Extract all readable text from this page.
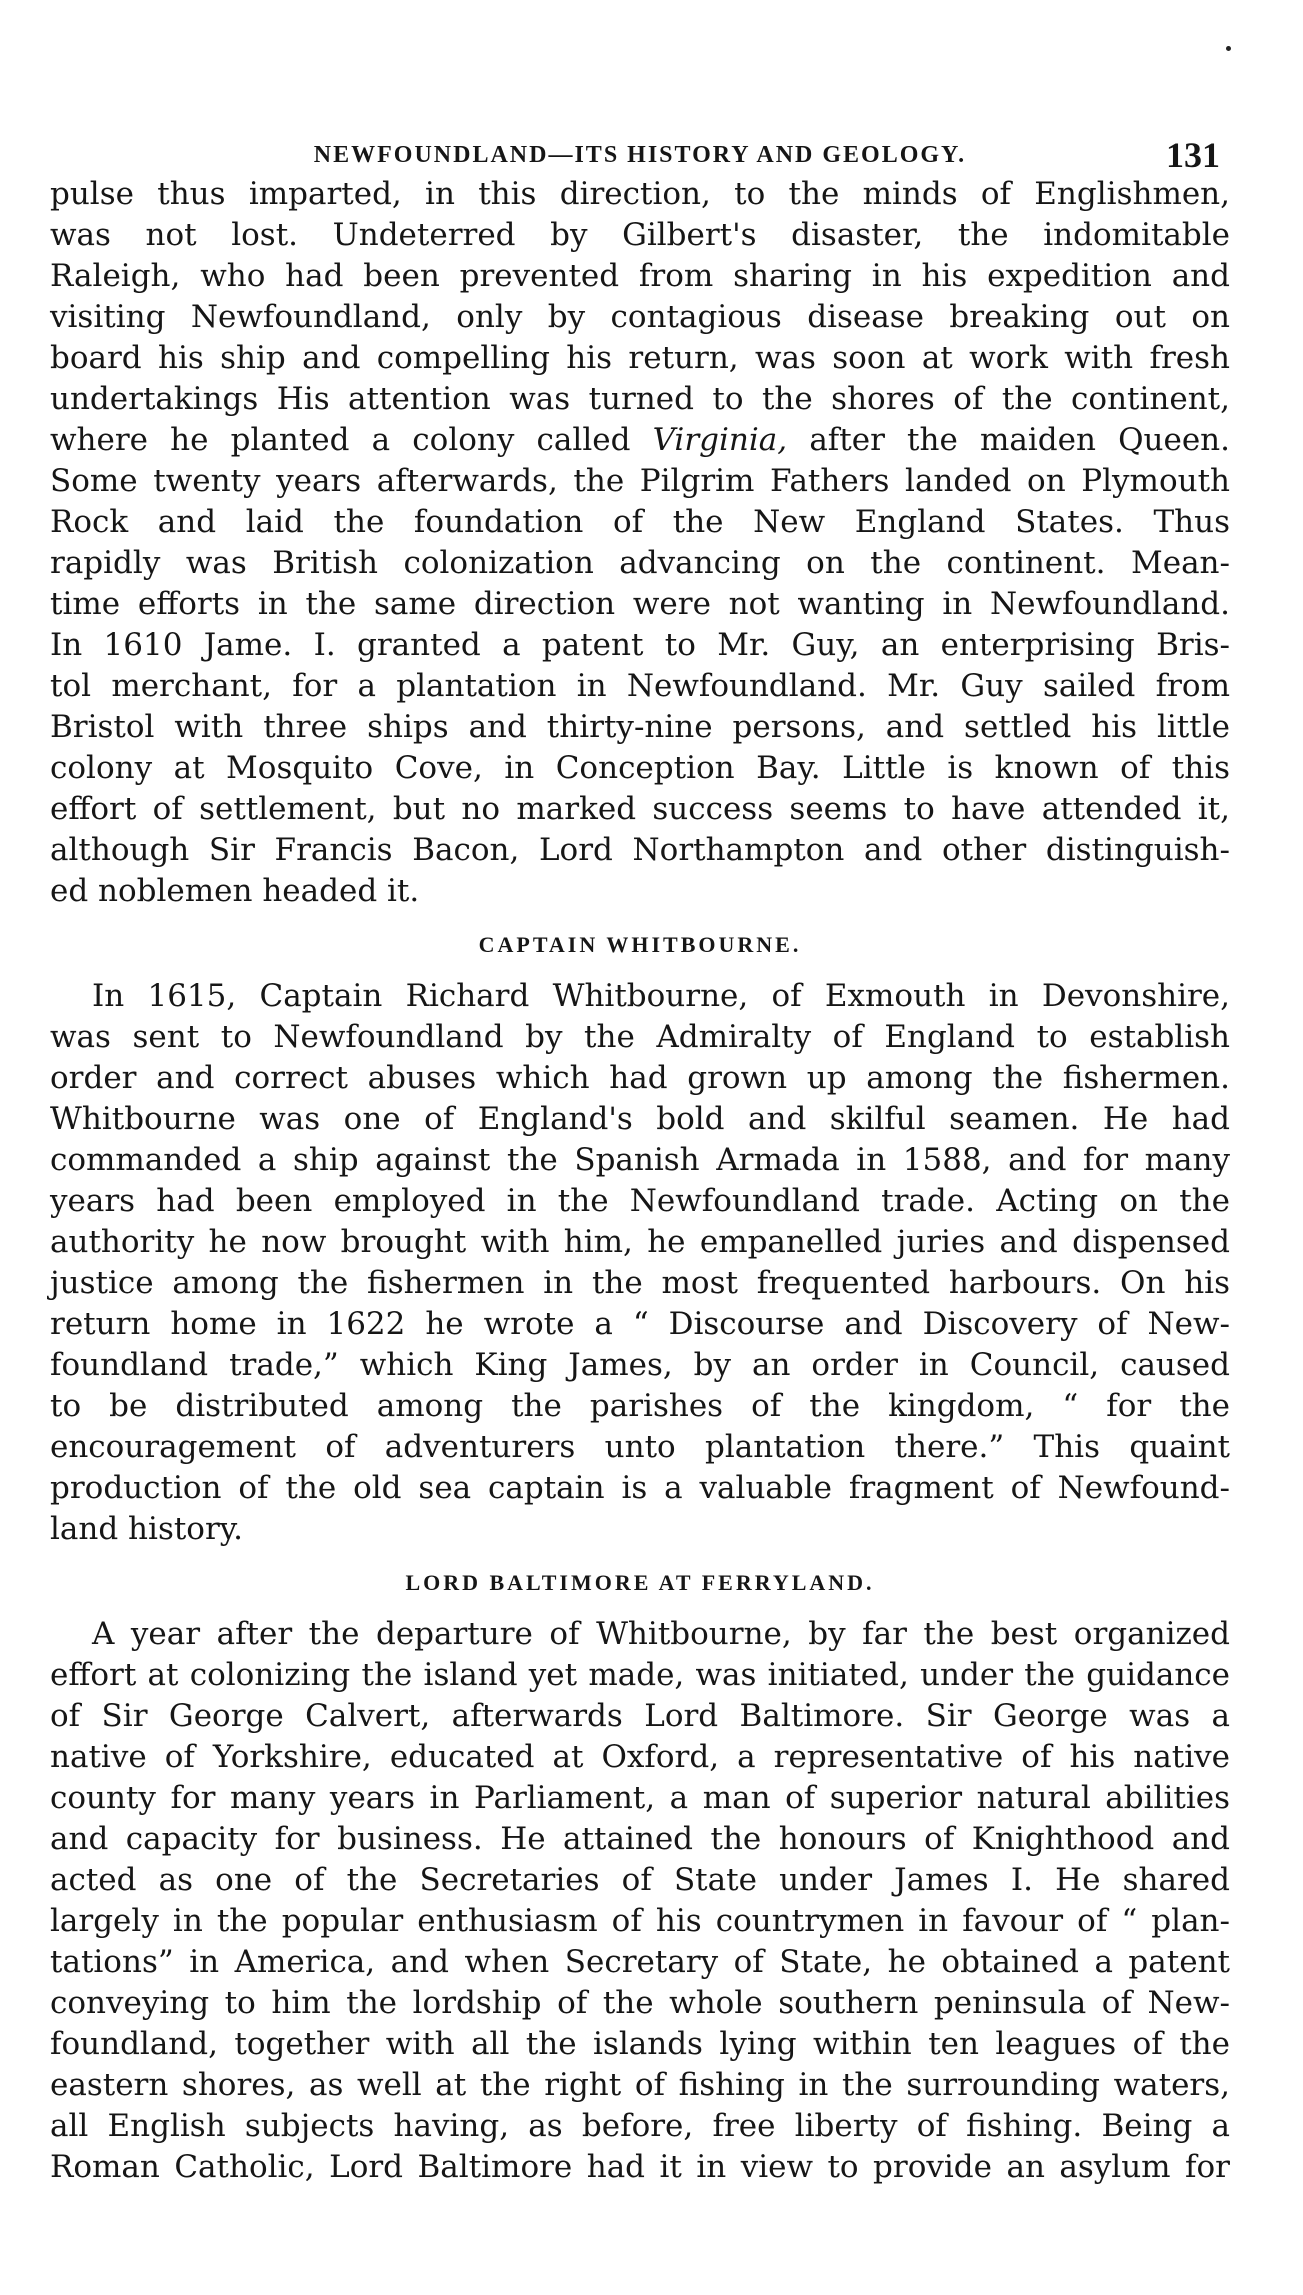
NEWFOUNDLAND—ITS HISTORY AND GEOLOGY.	131

pulse thus imparted, in this direction, to the minds of Englishmen,
was not lost. Undeterred by Gilbert's disaster, the indomitable
Raleigh, who had been prevented from sharing in his expedition and
visiting Newfoundland, only by contagious disease breaking out on
board his ship and compelling his return, was soon at work with fresh
undertakings His attention was turned to the shores of the continent,
where he planted a colony called Virginia, after the maiden Queen.
Some twenty years afterwards, the Pilgrim Fathers landed on Plymouth
Rock and laid the foundation of the New England States. Thus
rapidly was British colonization advancing on the continent. Mean-
time efforts in the same direction were not wanting in Newfoundland.
In 1610 Jame. I. granted a patent to Mr. Guy, an enterprising Bris-
tol merchant, for a plantation in Newfoundland. Mr. Guy sailed from
Bristol with three ships and thirty-nine persons, and settled his little
colony at Mosquito Cove, in Conception Bay. Little is known of this
effort of settlement, but no marked success seems to have attended it,
although Sir Francis Bacon, Lord Northampton and other distinguish-
ed noblemen headed it.

CAPTAIN WHITBOURNE.

In 1615, Captain Richard Whitbourne, of Exmouth in Devonshire,
was sent to Newfoundland by the Admiralty of England to establish
order and correct abuses which had grown up among the fishermen.
Whitbourne was one of England's bold and skilful seamen. He had
commanded a ship against the Spanish Armada in 1588, and for many
years had been employed in the Newfoundland trade. Acting on the
authority he now brought with him, he empanelled juries and dispensed
justice among the fishermen in the most frequented harbours. On his
return home in 1622 he wrote a “ Discourse and Discovery of New-
foundland trade,” which King James, by an order in Council, caused
to be distributed among the parishes of the kingdom, “ for the
encouragement of adventurers unto plantation there.” This quaint
production of the old sea captain is a valuable fragment of Newfound-
land history.

LORD BALTIMORE AT FERRYLAND.

A year after the departure of Whitbourne, by far the best organized
effort at colonizing the island yet made, was initiated, under the guidance
of Sir George Calvert, afterwards Lord Baltimore. Sir George was a
native of Yorkshire, educated at Oxford, a representative of his native
county for many years in Parliament, a man of superior natural abilities
and capacity for business. He attained the honours of Knighthood and
acted as one of the Secretaries of State under James I. He shared
largely in the popular enthusiasm of his countrymen in favour of “ plan-
tations” in America, and when Secretary of State, he obtained a patent
conveying to him the lordship of the whole southern peninsula of New-
foundland, together with all the islands lying within ten leagues of the
eastern shores, as well at the right of fishing in the surrounding waters,
all English subjects having, as before, free liberty of fishing. Being a
Roman Catholic, Lord Baltimore had it in view to provide an asylum for
